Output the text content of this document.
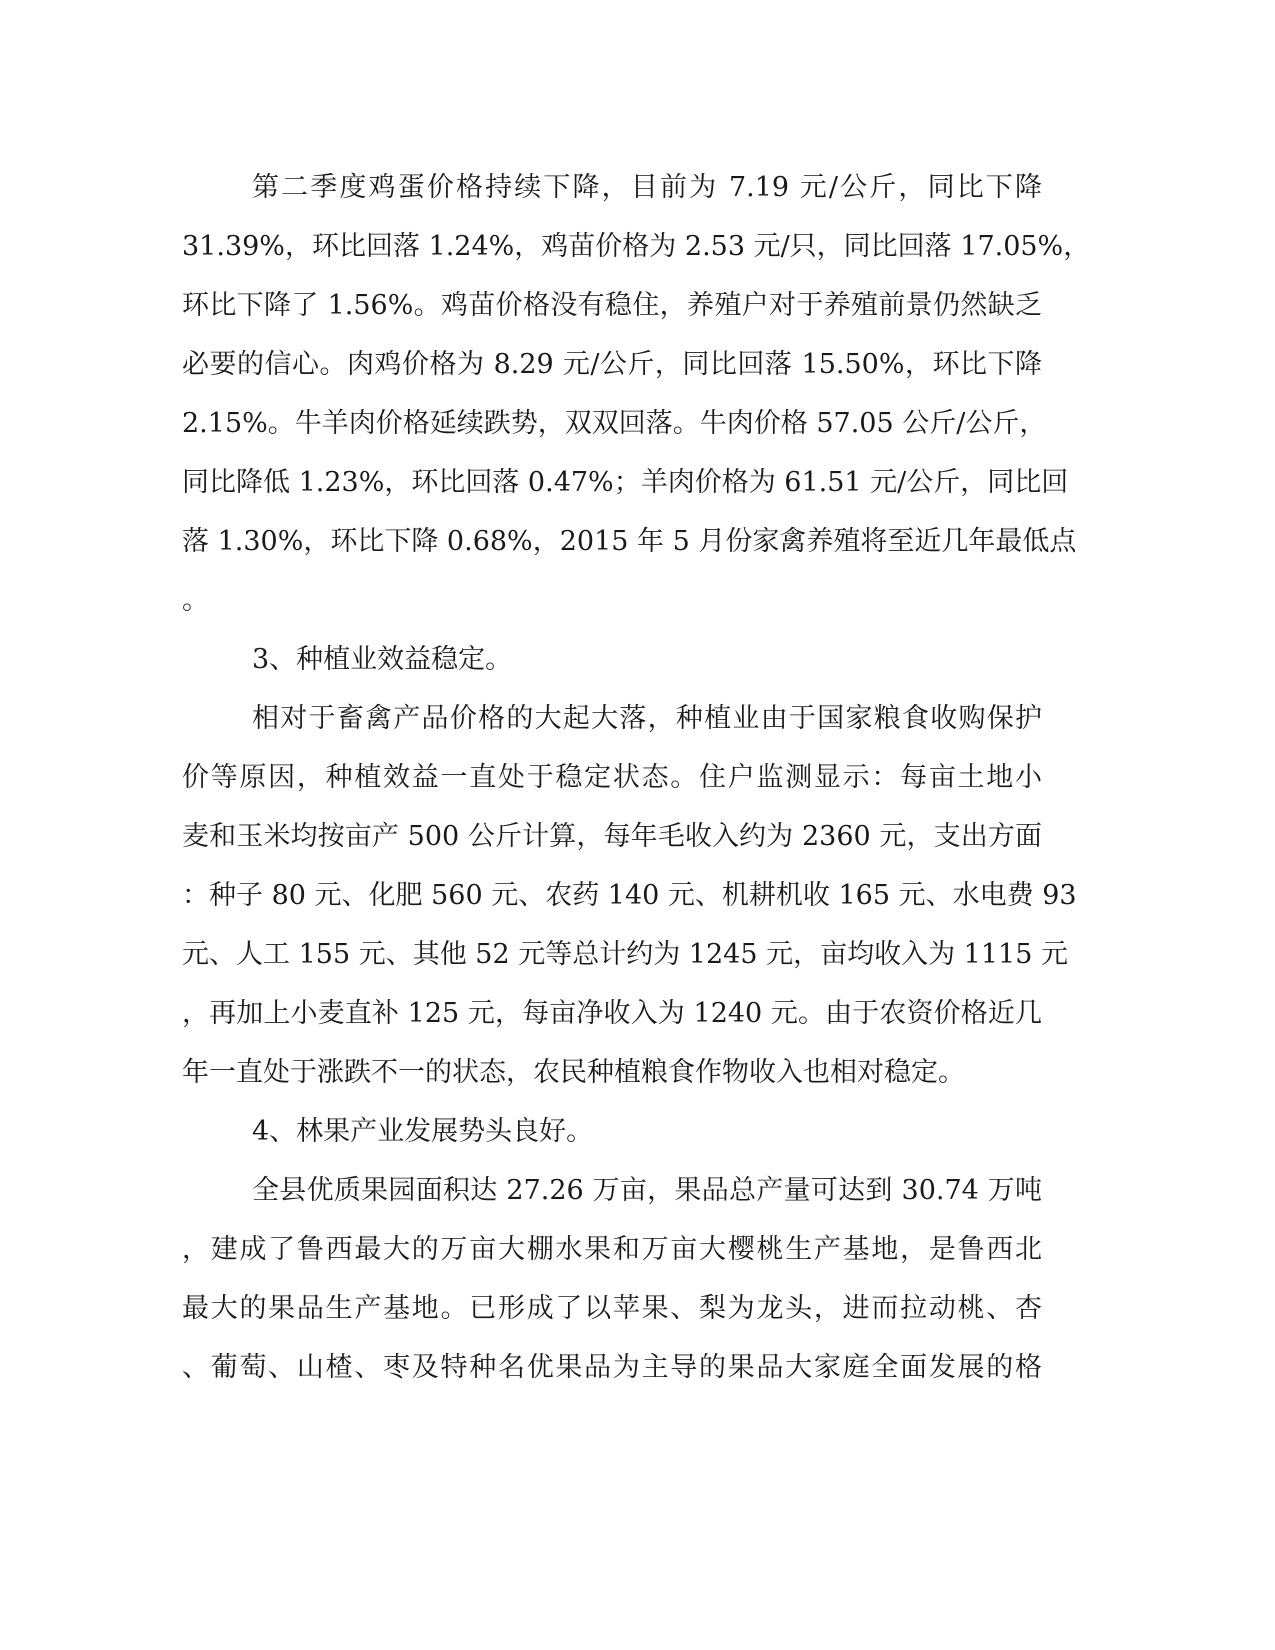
第二季度鸡蛋价格持续下降，目前为 7.19 元/公斤，同比下降
31.39%，环比回落 1.24%，鸡苗价格为 2.53 元/只，同比回落 17.05%，
环比下降了 1.56%。鸡苗价格没有稳住，养殖户对于养殖前景仍然缺乏
必要的信心。肉鸡价格为 8.29 元/公斤，同比回落 15.50%，环比下降
2.15%。牛羊肉价格延续跌势，双双回落。牛肉价格 57.05 公斤/公斤，
同比降低 1.23%，环比回落 0.47%；羊肉价格为 61.51 元/公斤，同比回
落 1.30%，环比下降 0.68%，2015 年 5 月份家禽养殖将至近几年最低点
。
3、种植业效益稳定。
相对于畜禽产品价格的大起大落，种植业由于国家粮食收购保护
价等原因，种植效益一直处于稳定状态。住户监测显示：每亩土地小
麦和玉米均按亩产 500 公斤计算，每年毛收入约为 2360 元，支出方面
：种子 80 元、化肥 560 元、农药 140 元、机耕机收 165 元、水电费 93
元、人工 155 元、其他 52 元等总计约为 1245 元，亩均收入为 1115 元
，再加上小麦直补 125 元，每亩净收入为 1240 元。由于农资价格近几
年一直处于涨跌不一的状态，农民种植粮食作物收入也相对稳定。
4、林果产业发展势头良好。
全县优质果园面积达 27.26 万亩，果品总产量可达到 30.74 万吨
，建成了鲁西最大的万亩大棚水果和万亩大樱桃生产基地，是鲁西北
最大的果品生产基地。已形成了以苹果、梨为龙头，进而拉动桃、杏
、葡萄、山楂、枣及特种名优果品为主导的果品大家庭全面发展的格
